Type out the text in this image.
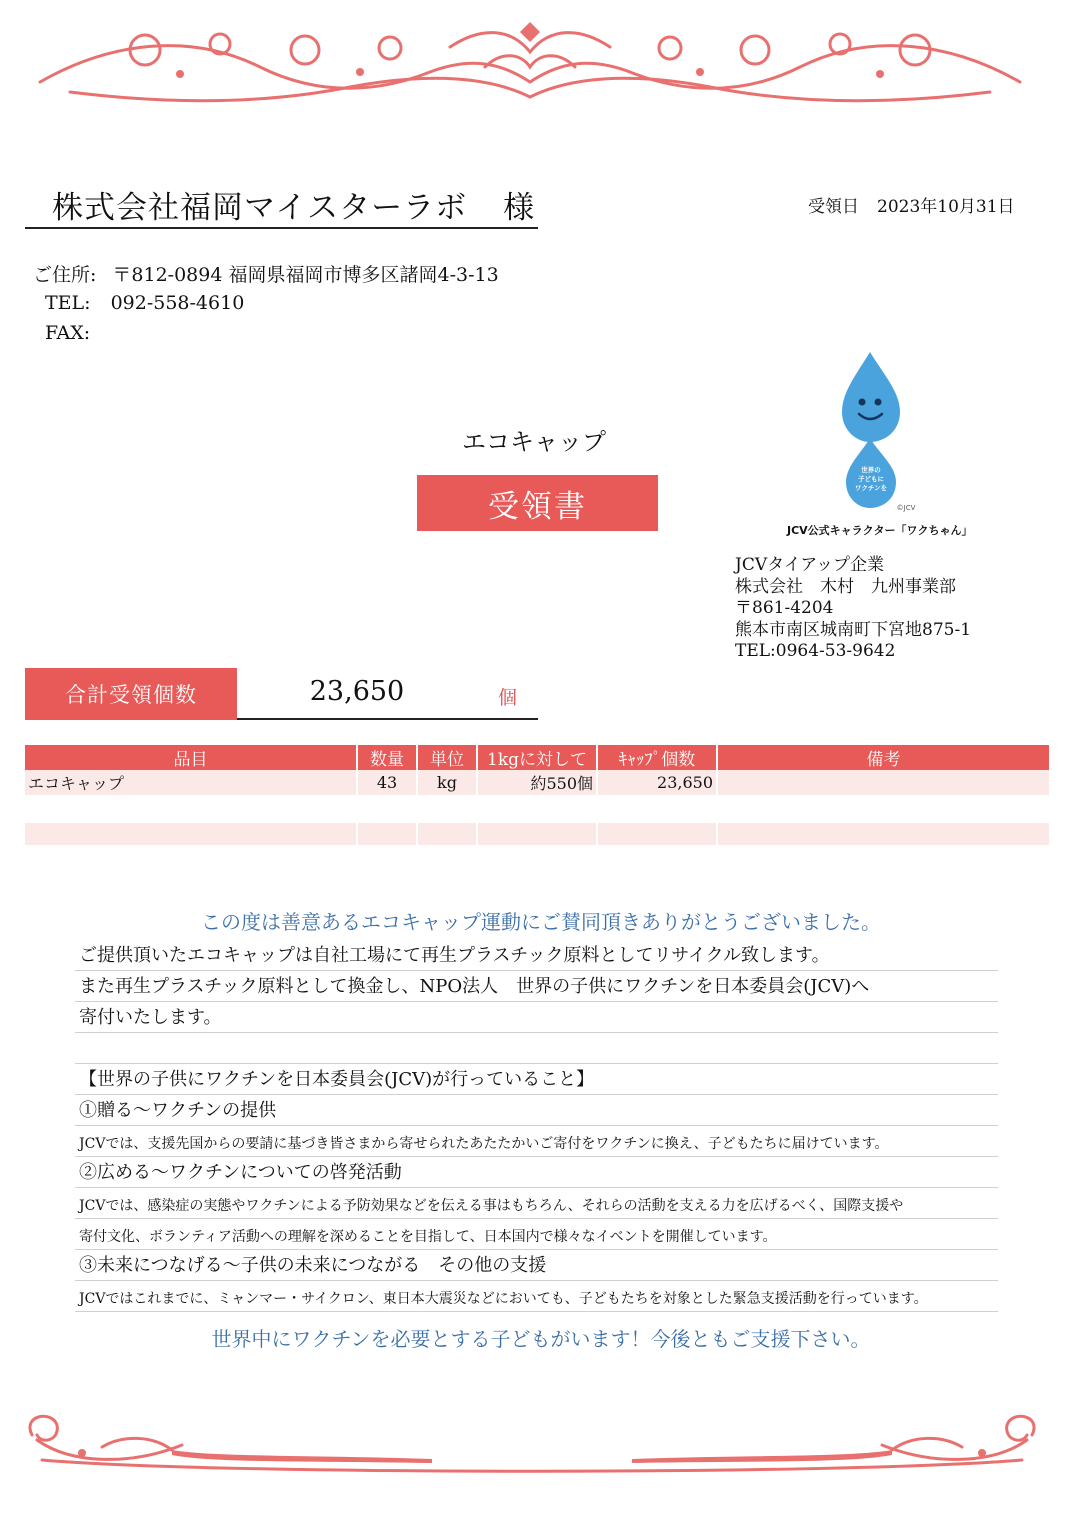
株式会社福岡マイスターラボ 様	受領日 2023年10月31日
ご住所: 〒812-0894 福岡県福岡市博多区諸岡4-3-13
TEL: 092-558-4610
FAX:
エコキャップ
受領書
世界の
子どもに
ワクチンを
©JCV
JCV公式キャラクター「ワクちゃん」
JCVタイアップ企業
株式会社　木村　九州事業部
〒861-4204
熊本市南区城南町下宮地875-1
TEL:0964-53-9642
合計受領個数	23,650	個
品目	数量	単位	1kgに対して	ｷｬｯﾌﾟ個数	備考
エコキャップ	43	kg	約550個	23,650	

この度は善意あるエコキャップ運動にご賛同頂きありがとうございました。
ご提供頂いたエコキャップは自社工場にて再生プラスチック原料としてリサイクル致します。
また再生プラスチック原料として換金し、NPO法人　世界の子供にワクチンを日本委員会(JCV)へ
寄付いたします。
【世界の子供にワクチンを日本委員会(JCV)が行っていること】
①贈る～ワクチンの提供
JCVでは、支援先国からの要請に基づき皆さまから寄せられたあたたかいご寄付をワクチンに換え、子どもたちに届けています。
②広める～ワクチンについての啓発活動
JCVでは、感染症の実態やワクチンによる予防効果などを伝える事はもちろん、それらの活動を支える力を広げるべく、国際支援や
寄付文化、ボランティア活動への理解を深めることを目指して、日本国内で様々なイベントを開催しています。
③未来につなげる～子供の未来につながる　その他の支援
JCVではこれまでに、ミャンマー・サイクロン、東日本大震災などにおいても、子どもたちを対象とした緊急支援活動を行っています。
世界中にワクチンを必要とする子どもがいます！今後ともご支援下さい。
